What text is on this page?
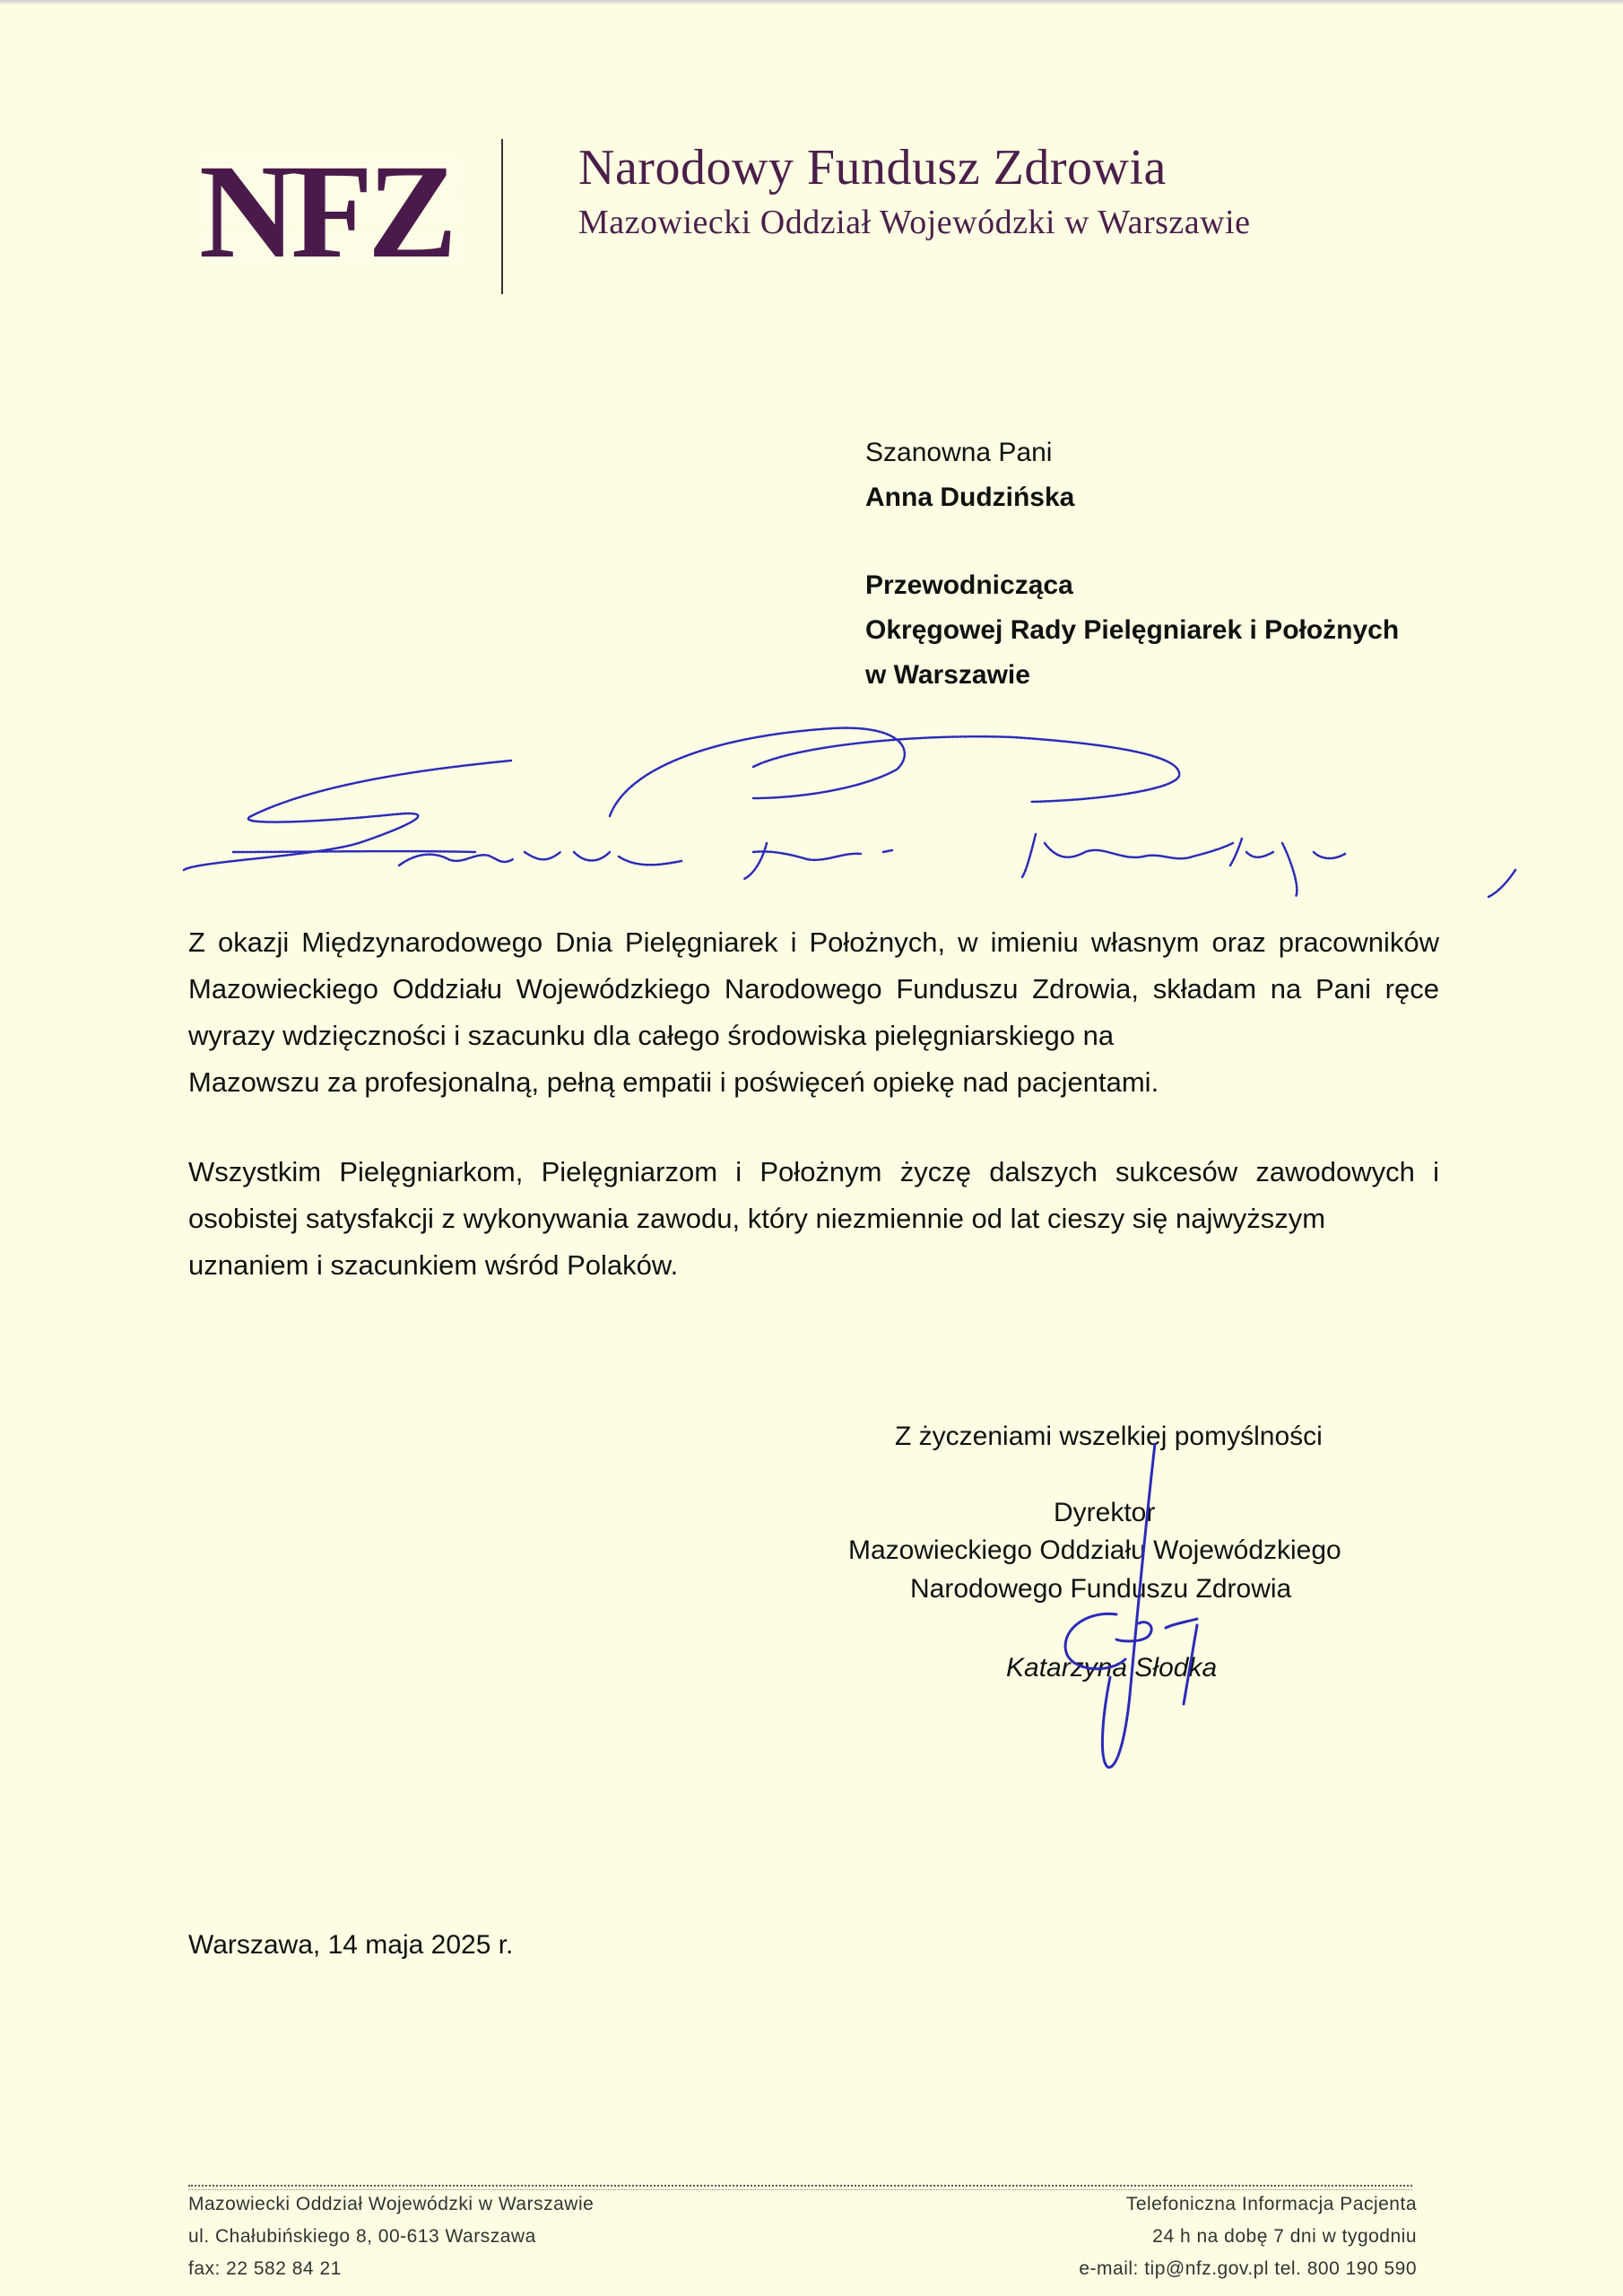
NFZ	Narodowy Fundusz Zdrowia
Mazowiecki Oddział Wojewódzki w Warszawie
Szanowna Pani
Anna Dudzińska
Przewodnicząca
Okręgowej Rady Pielęgniarek i Położnych
w Warszawie
Z okazji Międzynarodowego Dnia Pielęgniarek i Położnych, w imieniu własnym oraz pracowników Mazowieckiego Oddziału Wojewódzkiego Narodowego Funduszu Zdrowia, składam na Pani ręce wyrazy wdzięczności i szacunku dla całego środowiska pielęgniarskiego na
Mazowszu za profesjonalną, pełną empatii i poświęceń opiekę nad pacjentami.
Wszystkim Pielęgniarkom, Pielęgniarzom i Położnym życzę dalszych sukcesów zawodowych i osobistej satysfakcji z wykonywania zawodu, który niezmiennie od lat cieszy się najwyższym
uznaniem i szacunkiem wśród Polaków.
Z życzeniami wszelkiej pomyślności
Dyrektor
Mazowieckiego Oddziału Wojewódzkiego
Narodowego Funduszu Zdrowia
Katarzyna Słodka
Warszawa, 14 maja 2025 r.
Mazowiecki Oddział Wojewódzki w Warszawie
ul. Chałubińskiego 8, 00-613 Warszawa
fax: 22 582 84 21
Telefoniczna Informacja Pacjenta
24 h na dobę 7 dni w tygodniu
e-mail: tip@nfz.gov.pl tel. 800 190 590
